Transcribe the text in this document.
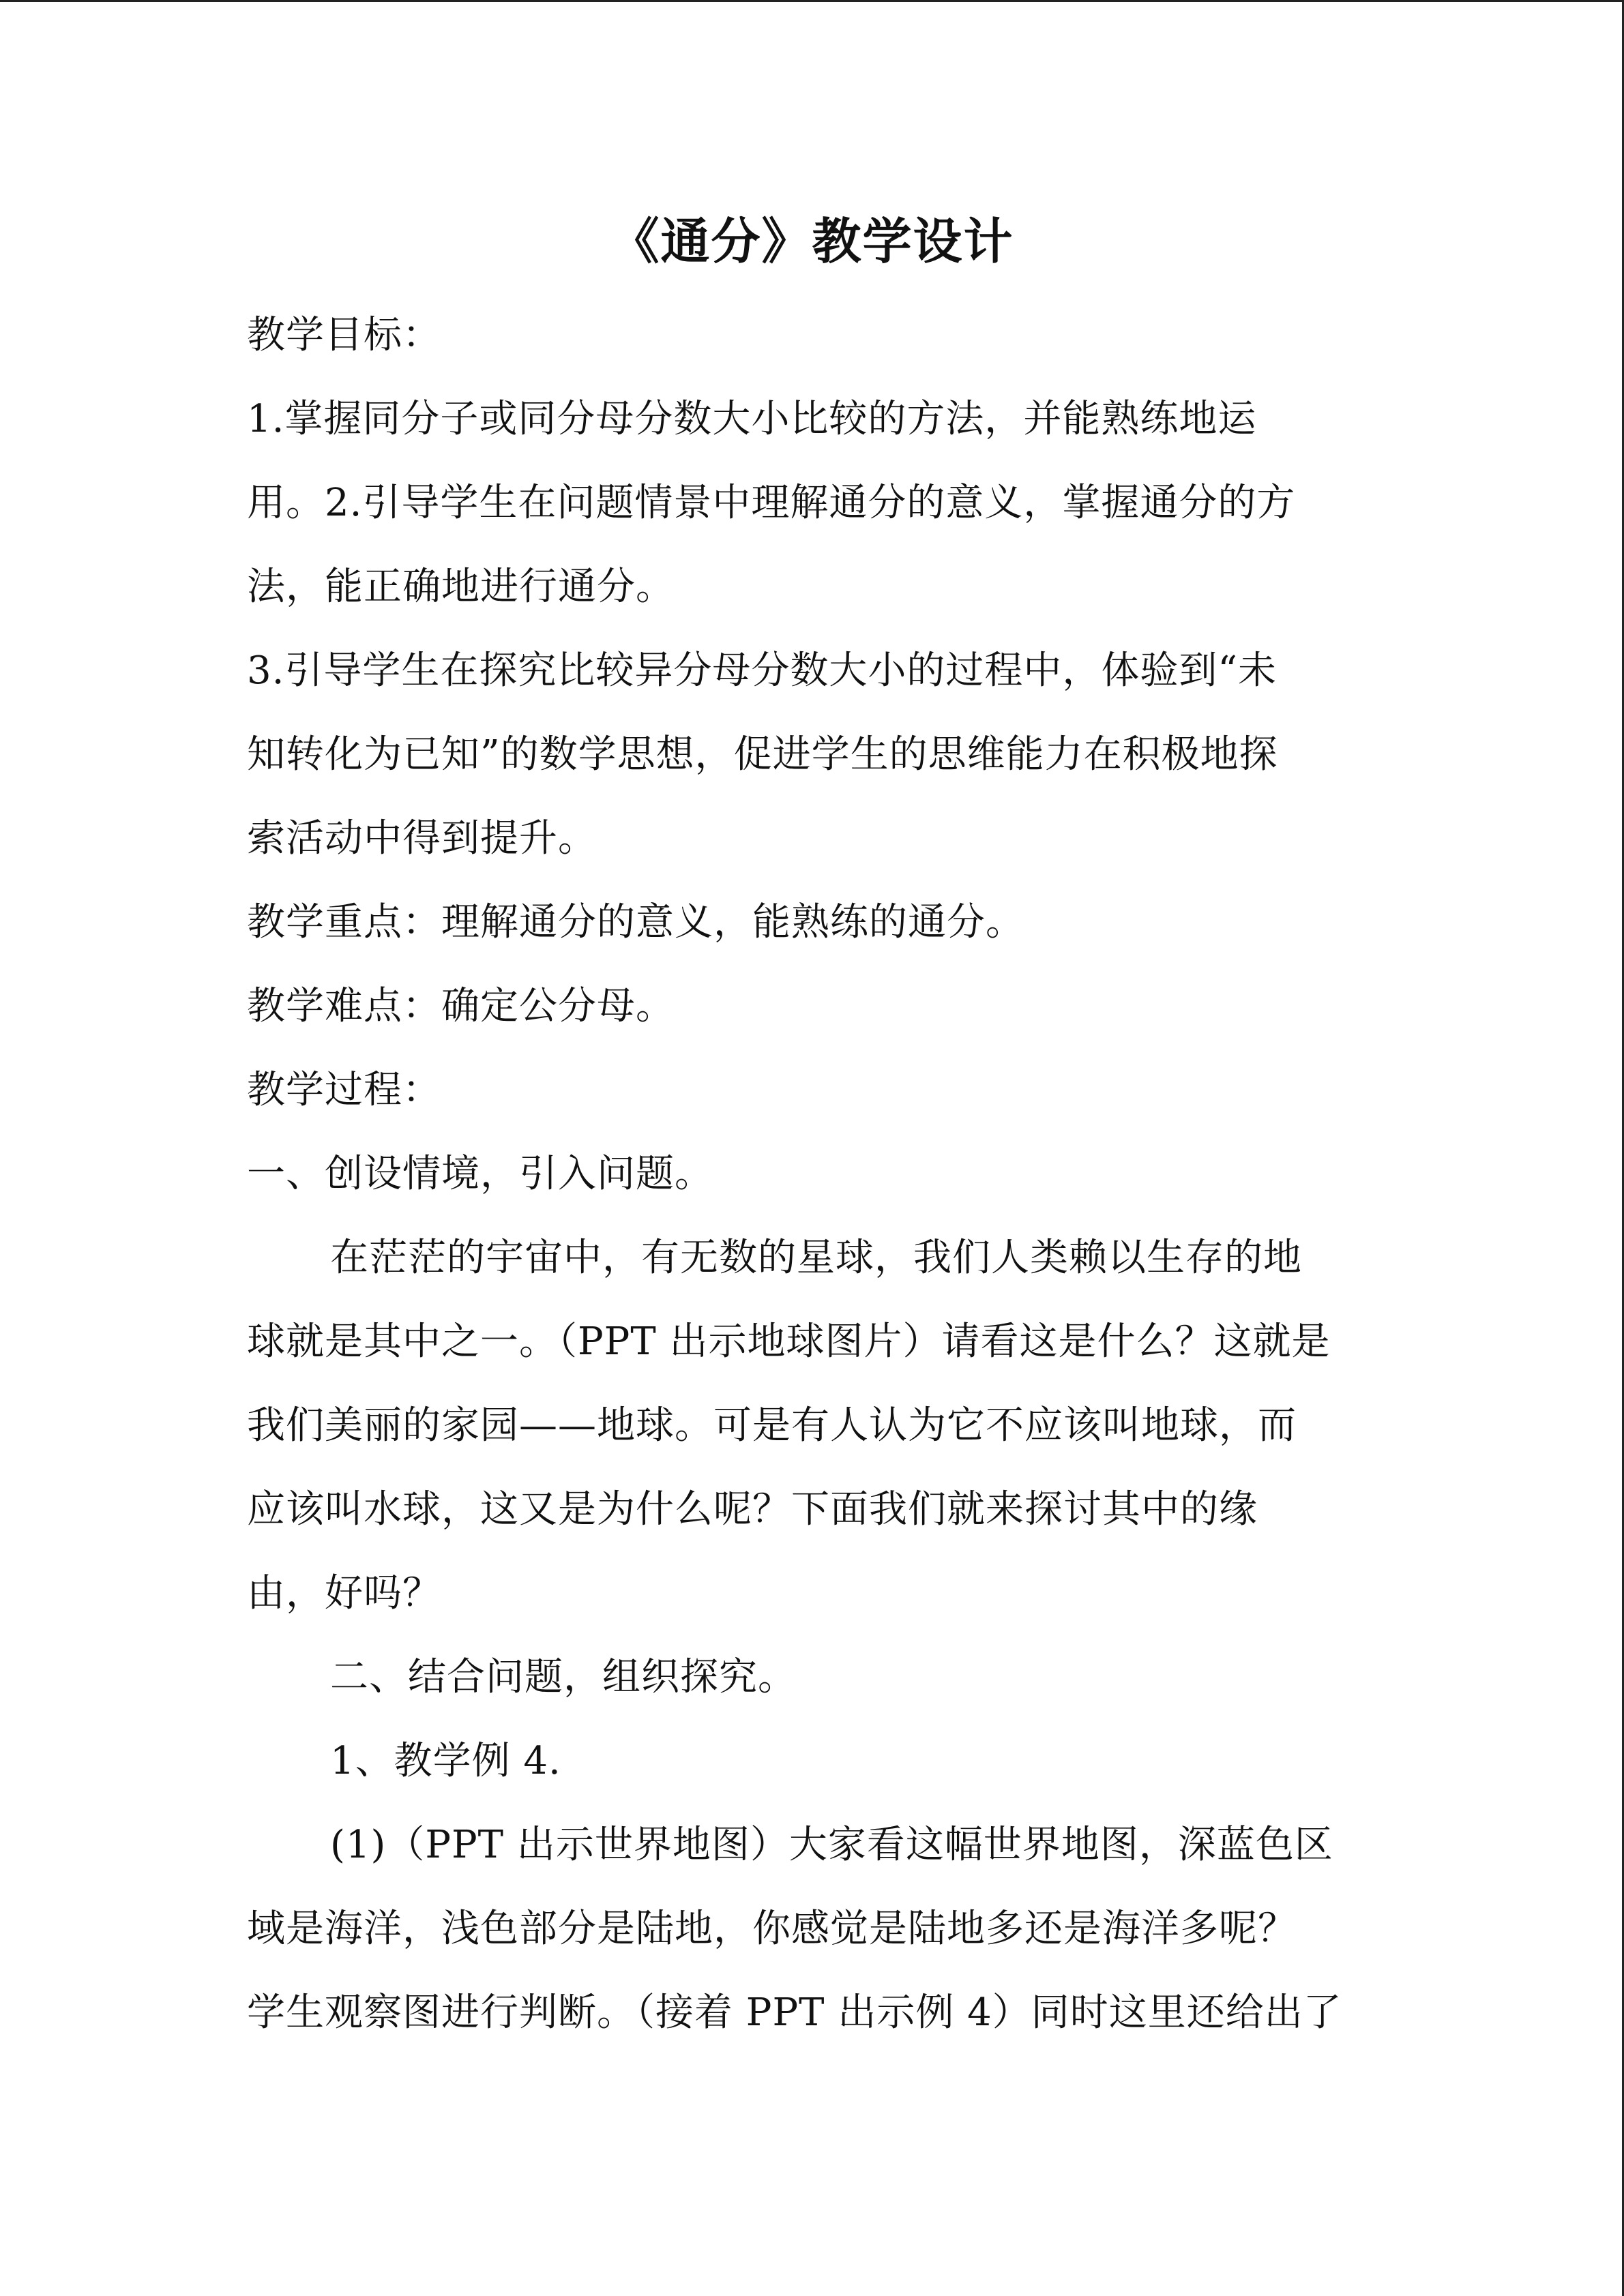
《通分》教学设计
教学目标：
1.掌握同分子或同分母分数大小比较的方法，并能熟练地运
用。2.引导学生在问题情景中理解通分的意义，掌握通分的方
法，能正确地进行通分。
3.引导学生在探究比较异分母分数大小的过程中，体验到“未
知转化为已知”的数学思想，促进学生的思维能力在积极地探
索活动中得到提升。
教学重点：理解通分的意义，能熟练的通分。
教学难点：确定公分母。
教学过程：
一、创设情境，引入问题。
在茫茫的宇宙中，有无数的星球，我们人类赖以生存的地
球就是其中之一。（PPT 出示地球图片）请看这是什么？这就是
我们美丽的家园——地球。可是有人认为它不应该叫地球，而
应该叫水球，这又是为什么呢？下面我们就来探讨其中的缘
由，好吗？
二、结合问题，组织探究。
1、教学例 4.
(1)（PPT 出示世界地图）大家看这幅世界地图，深蓝色区
域是海洋，浅色部分是陆地，你感觉是陆地多还是海洋多呢？
学生观察图进行判断。（接着 PPT 出示例 4）同时这里还给出了
